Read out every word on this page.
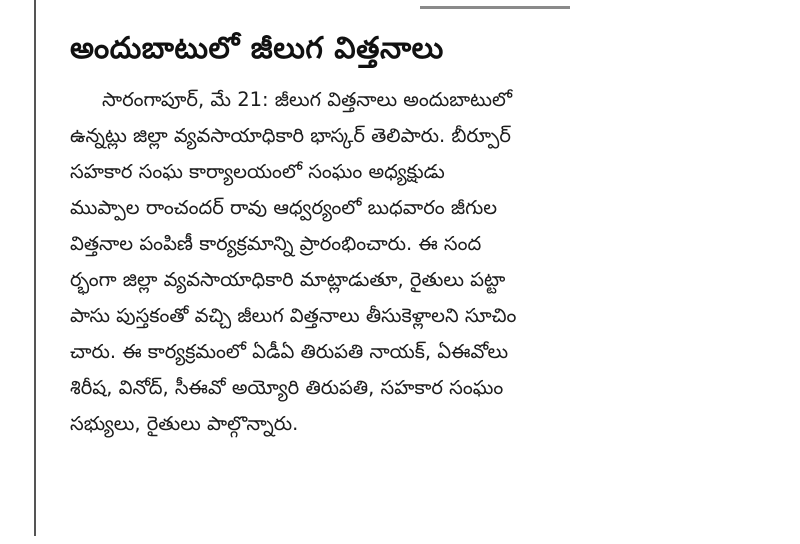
అందుబాటులో జీలుగ విత్తనాలు
సారంగాపూర్, మే 21: జీలుగ విత్తనాలు అందుబాటులో
ఉన్నట్లు జిల్లా వ్యవసాయాధికారి భాస్కర్ తెలిపారు. బీర్పూర్
సహకార సంఘ కార్యాలయంలో సంఘం అధ్యక్షుడు
ముప్పాల రాంచందర్ రావు ఆధ్వర్యంలో బుధవారం జీగుల
విత్తనాల పంపిణీ కార్యక్రమాన్ని ప్రారంభించారు. ఈ సంద
ర్భంగా జిల్లా వ్యవసాయాధికారి మాట్లాడుతూ, రైతులు పట్టా
పాసు పుస్తకంతో వచ్చి జీలుగ విత్తనాలు తీసుకెళ్లాలని సూచిం
చారు. ఈ కార్యక్రమంలో ఏడీఏ తిరుపతి నాయక్, ఏఈవోలు
శిరీష, వినోద్, సీఈవో అయ్యోరి తిరుపతి, సహకార సంఘం
సభ్యులు, రైతులు పాల్గొన్నారు.
